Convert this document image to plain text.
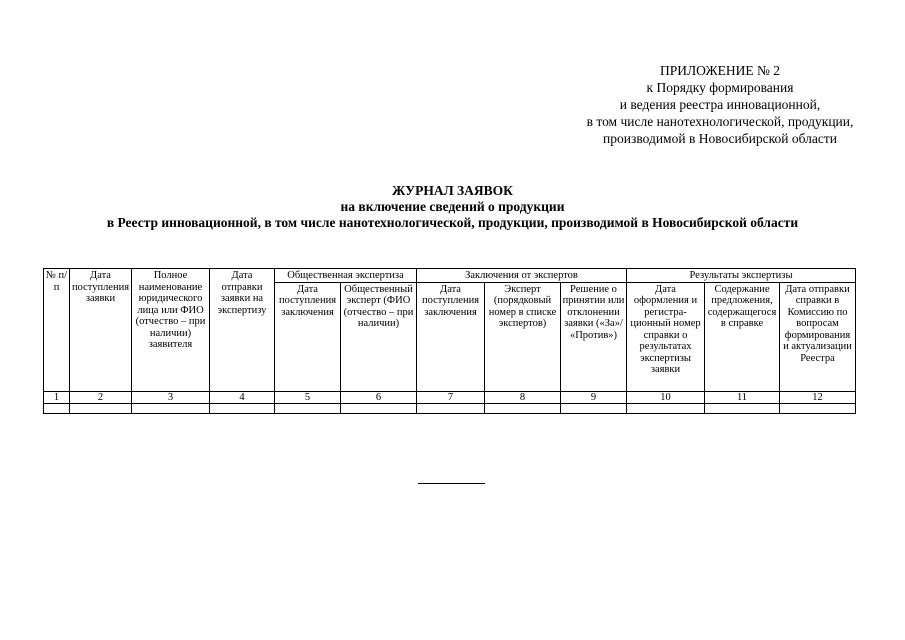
ПРИЛОЖЕНИЕ № 2
к Порядку формирования
и ведения реестра инновационной,
в том числе нанотехнологической, продукции,
производимой в Новосибирской области
ЖУРНАЛ ЗАЯВОК
на включение сведений о продукции
в Реестр инновационной, в том числе нанотехнологической, продукции, производимой в Новосибирской области
№ п/п	Дата поступления заявки	Полное наименование юридического лица или ФИО (отчество – при наличии) заявителя	Дата отправки заявки на экспертизу	Общественная экспертиза		Заключения от экспертов			Результаты экспертизы		
				Дата поступления заключения	Общественный эксперт (ФИО (отчество – при наличии)	Дата поступления заключения	Эксперт (порядковый номер в списке экспертов)	Решение о принятии или отклонении заявки («За»/ «Против»)	Дата оформления и регистра-ционный номер справки о результатах экспертизы заявки	Содержание предложения, содержащегося в справке	Дата отправки справки в Комиссию по вопросам формирования и актуализации Реестра
1	2	3	4	5	6	7	8	9	10	11	12
